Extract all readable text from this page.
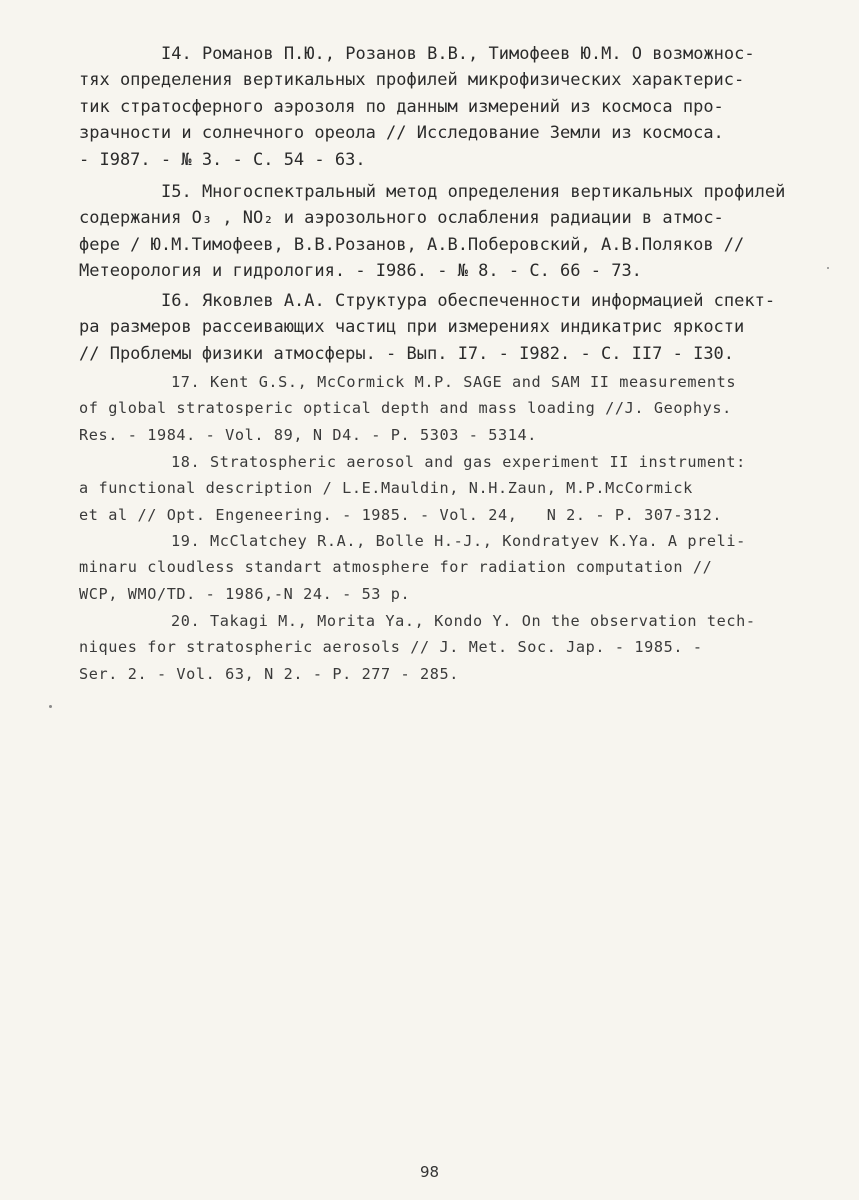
I4. Романов П.Ю., Розанов В.В., Тимофеев Ю.М. О возможнос-
тях определения вертикальных профилей микрофизических характерис-
тик стратосферного аэрозоля по данным измерений из космоса про-
зрачности и солнечного ореола // Исследование Земли из космоса.
- I987. - № 3. - С. 54 - 63.
I5. Многоспектральный метод определения вертикальных профилей
содержания O₃ , NO₂ и аэрозольного ослабления радиации в атмос-
фере / Ю.М.Тимофеев, В.В.Розанов, А.В.Поберовский, А.В.Поляков //
Метеорология и гидрология. - I986. - № 8. - С. 66 - 73.
I6. Яковлев А.А. Структура обеспеченности информацией спект-
ра размеров рассеивающих частиц при измерениях индикатрис яркости
// Проблемы физики атмосферы. - Вып. I7. - I982. - С. II7 - I30.
17. Kent G.S., McCormick M.P. SAGE and SAM II measurements
of global stratosperic optical depth and mass loading //J. Geophys.
Res. - 1984. - Vol. 89, N D4. - P. 5303 - 5314.
18. Stratospheric aerosol and gas experiment II instrument:
a functional description / L.E.Mauldin, N.H.Zaun, M.P.McCormick
et al // Opt. Engeneering. - 1985. - Vol. 24,   N 2. - P. 307-312.
19. McClatchey R.A., Bolle H.-J., Kondratyev K.Ya. A preli-
minaru cloudless standart atmosphere for radiation computation //
WCP, WMO/TD. - 1986,-N 24. - 53 p.
20. Takagi M., Morita Ya., Kondo Y. On the observation tech-
niques for stratospheric aerosols // J. Met. Soc. Jap. - 1985. -
Ser. 2. - Vol. 63, N 2. - P. 277 - 285.
98
